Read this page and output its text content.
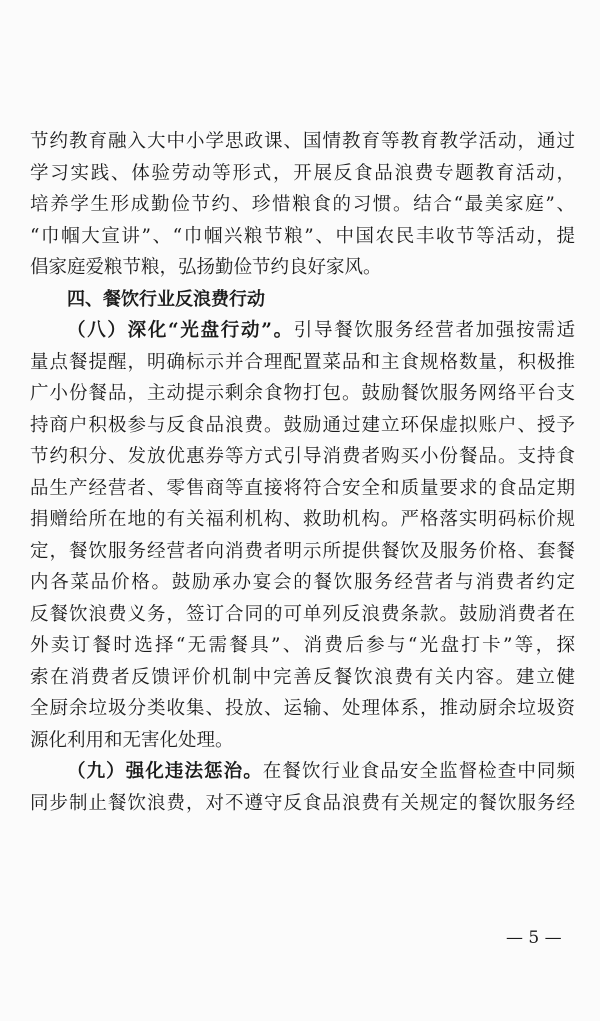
节约教育融入大中小学思政课、国情教育等教育教学活动，通过
学习实践、体验劳动等形式，开展反食品浪费专题教育活动，
培养学生形成勤俭节约、珍惜粮食的习惯。结合“最美家庭”、
“巾帼大宣讲”、“巾帼兴粮节粮”、中国农民丰收节等活动，提
倡家庭爱粮节粮，弘扬勤俭节约良好家风。
四、餐饮行业反浪费行动
（八）深化“光盘行动”。引导餐饮服务经营者加强按需适
量点餐提醒，明确标示并合理配置菜品和主食规格数量，积极推
广小份餐品，主动提示剩余食物打包。鼓励餐饮服务网络平台支
持商户积极参与反食品浪费。鼓励通过建立环保虚拟账户、授予
节约积分、发放优惠券等方式引导消费者购买小份餐品。支持食
品生产经营者、零售商等直接将符合安全和质量要求的食品定期
捐赠给所在地的有关福利机构、救助机构。严格落实明码标价规
定，餐饮服务经营者向消费者明示所提供餐饮及服务价格、套餐
内各菜品价格。鼓励承办宴会的餐饮服务经营者与消费者约定
反餐饮浪费义务，签订合同的可单列反浪费条款。鼓励消费者在
外卖订餐时选择“无需餐具”、消费后参与“光盘打卡”等，探
索在消费者反馈评价机制中完善反餐饮浪费有关内容。建立健
全厨余垃圾分类收集、投放、运输、处理体系，推动厨余垃圾资
源化利用和无害化处理。
（九）强化违法惩治。在餐饮行业食品安全监督检查中同频
同步制止餐饮浪费，对不遵守反食品浪费有关规定的餐饮服务经
— 5 —
